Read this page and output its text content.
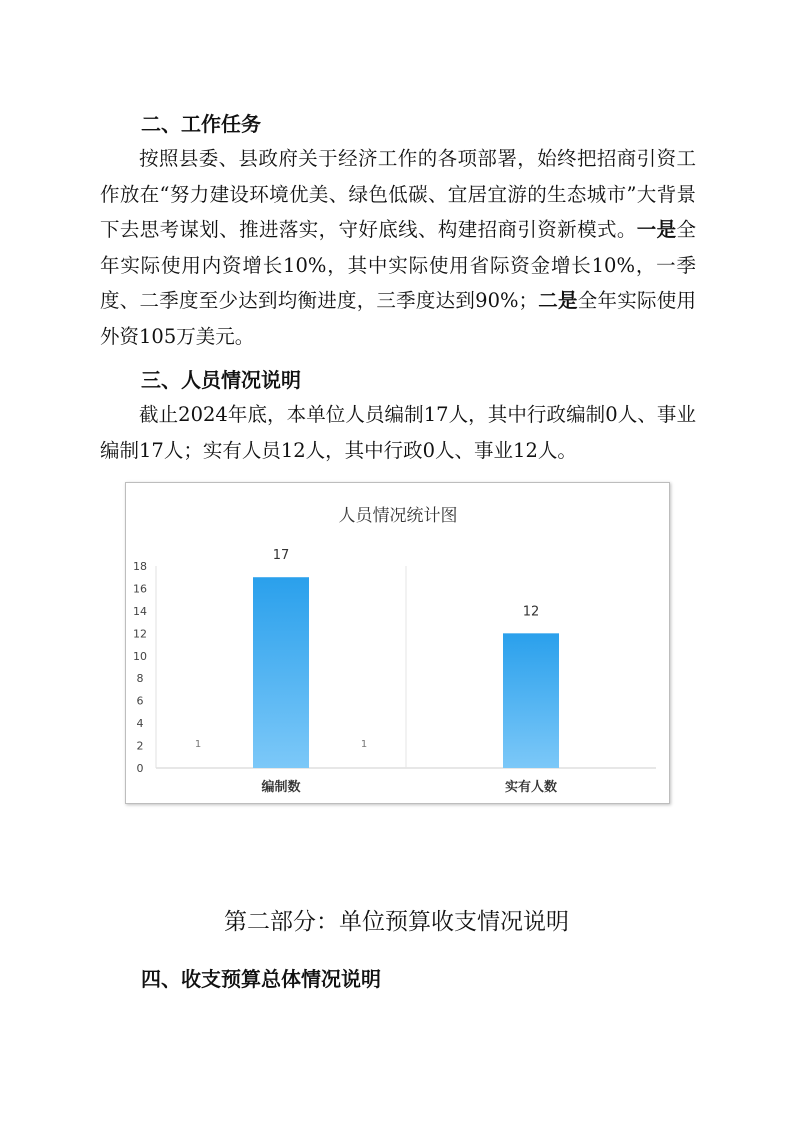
二、工作任务
按照县委、县政府关于经济工作的各项部署，始终把招商引资工作放在“努力建设环境优美、绿色低碳、宜居宜游的生态城市”大背景下去思考谋划、推进落实，守好底线、构建招商引资新模式。一是全年实际使用内资增长10%，其中实际使用省际资金增长10%，一季度、二季度至少达到均衡进度，三季度达到90%；二是全年实际使用外资105万美元。
三、人员情况说明
截止2024年底，本单位人员编制17人，其中行政编制0人、事业编制17人；实有人员12人，其中行政0人、事业12人。
人员情况统计图
0
2
4
6
8
10
12
14
16
18
17
编制数
12
实有人数
1	1
第二部分：单位预算收支情况说明
四、收支预算总体情况说明
